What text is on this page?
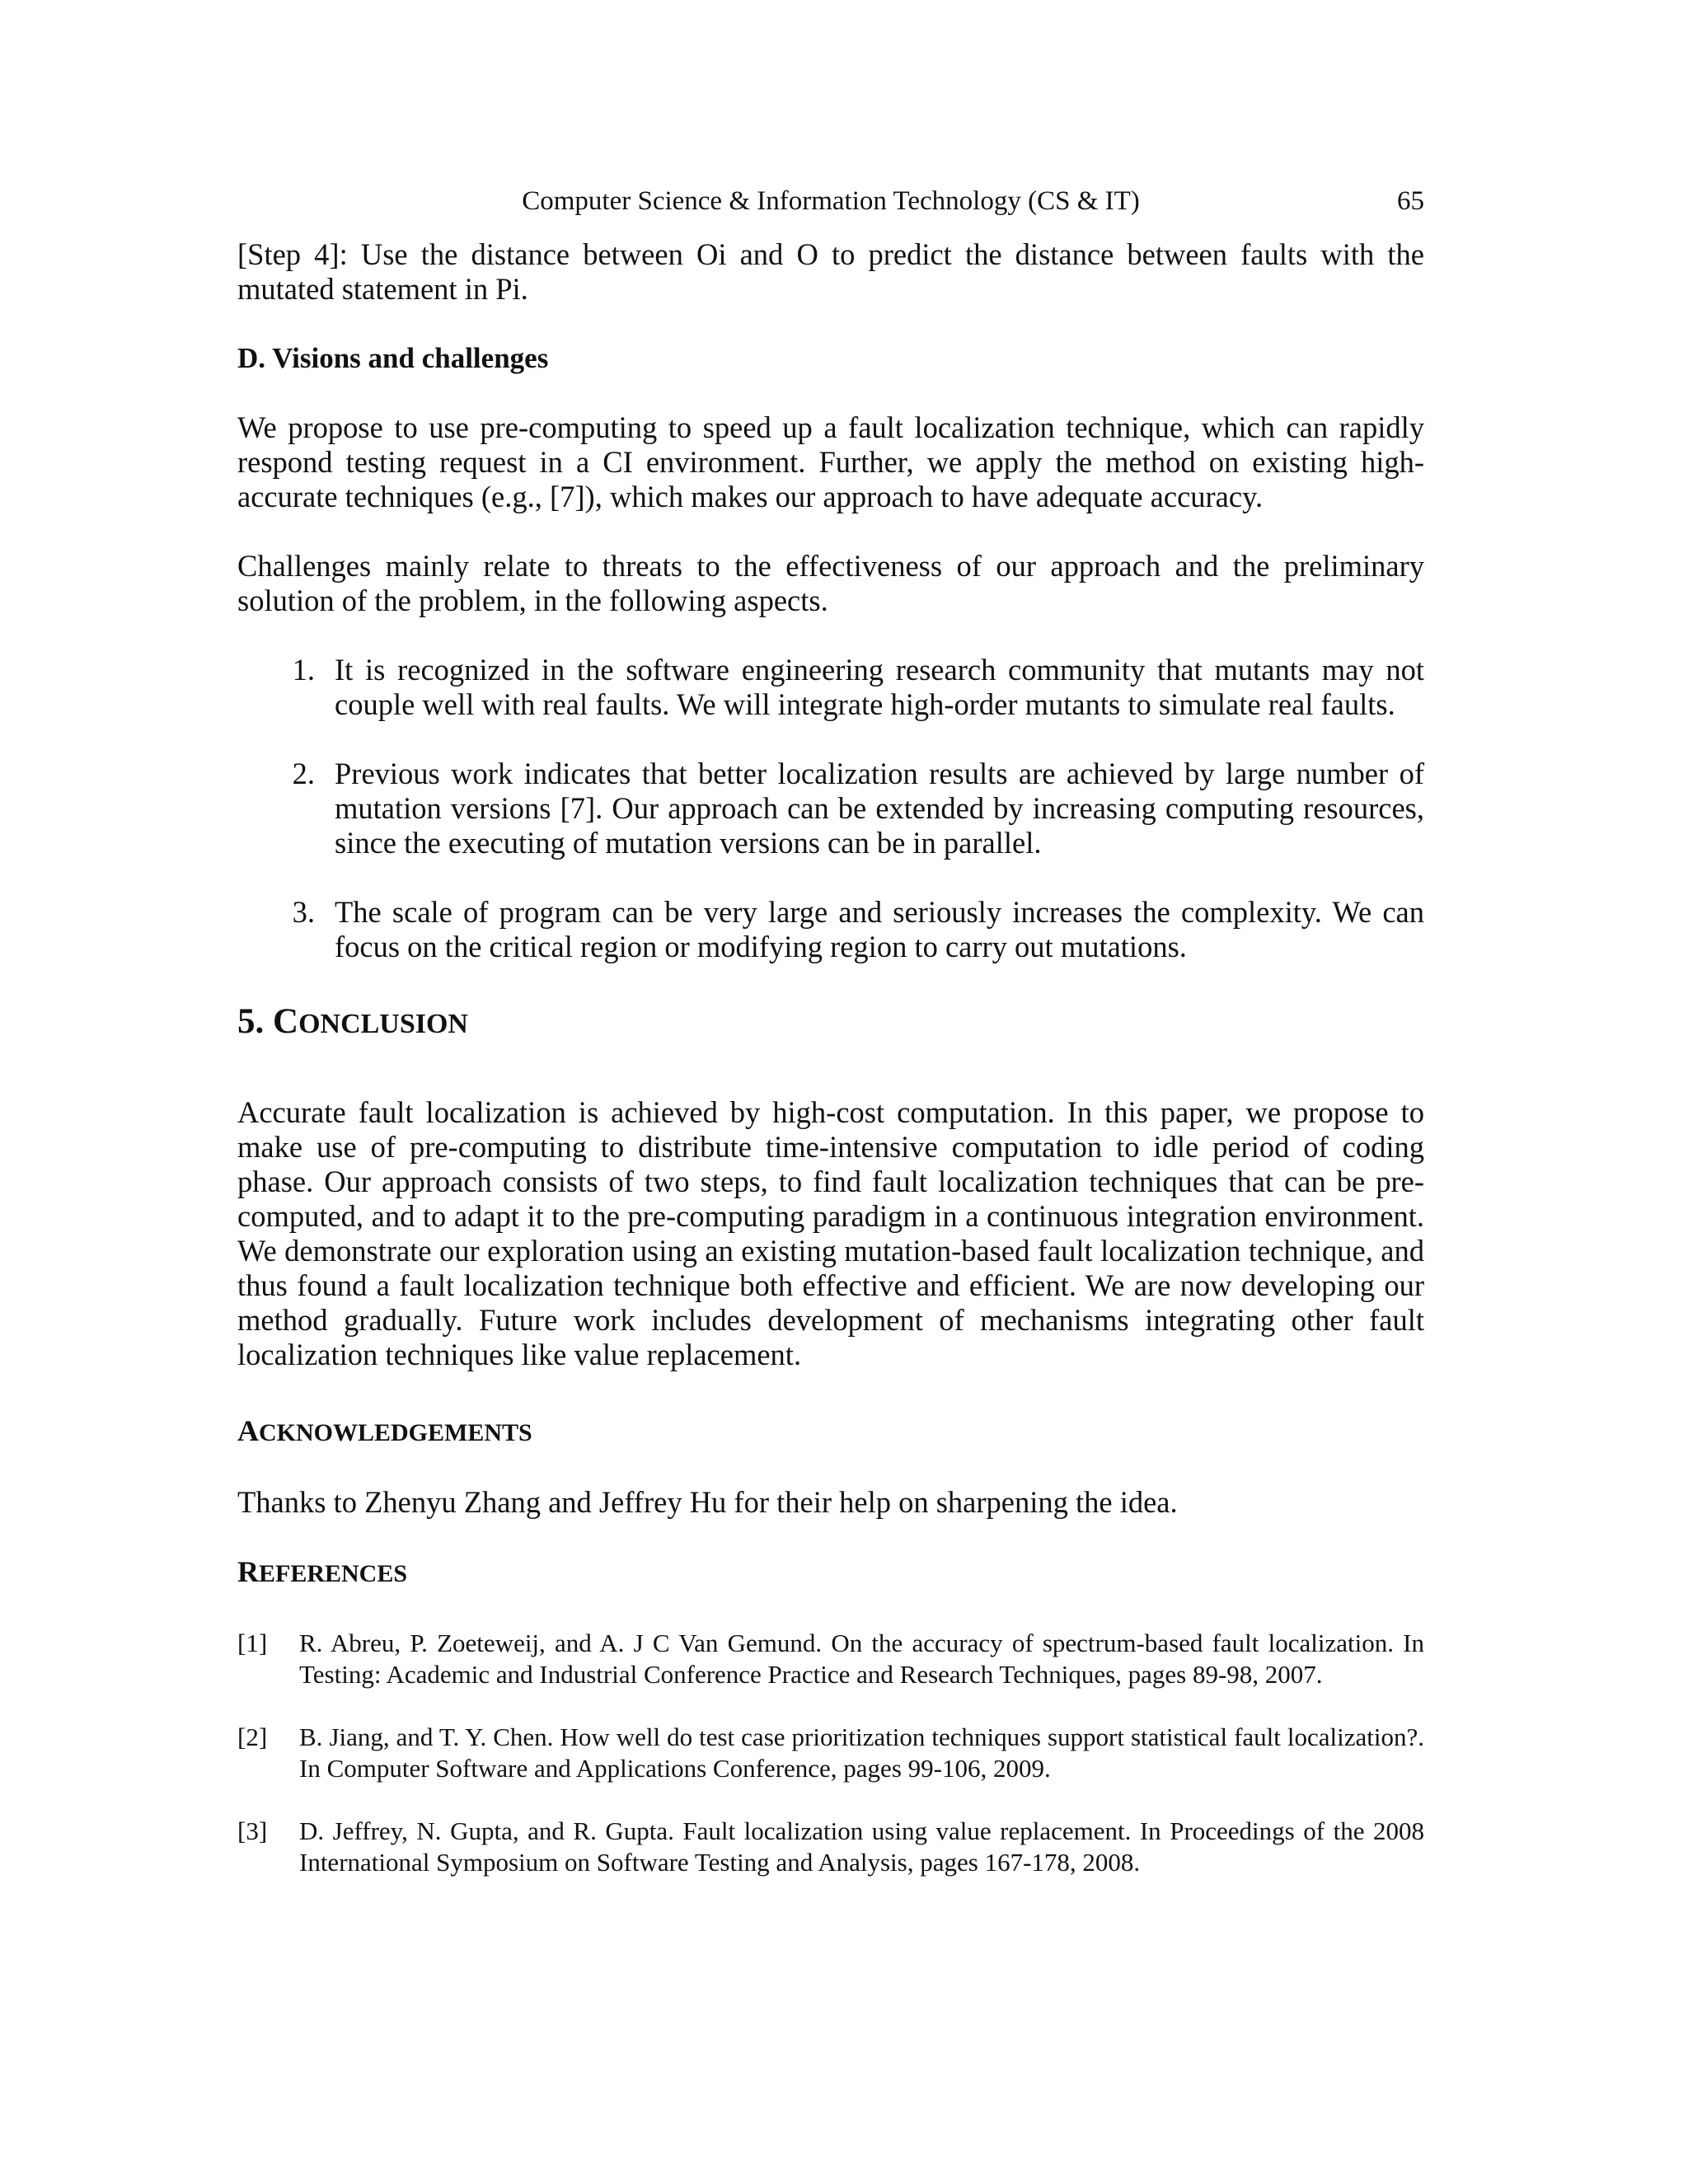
Computer Science & Information Technology (CS & IT)	65

[Step 4]: Use the distance between Oi and O to predict the distance between faults with the mutated statement in Pi.

D. Visions and challenges

We propose to use pre-computing to speed up a fault localization technique, which can rapidly respond testing request in a CI environment. Further, we apply the method on existing high-accurate techniques (e.g., [7]), which makes our approach to have adequate accuracy.

Challenges mainly relate to threats to the effectiveness of our approach and the preliminary solution of the problem, in the following aspects.

1. It is recognized in the software engineering research community that mutants may not couple well with real faults. We will integrate high-order mutants to simulate real faults.
2. Previous work indicates that better localization results are achieved by large number of mutation versions [7]. Our approach can be extended by increasing computing resources, since the executing of mutation versions can be in parallel.
3. The scale of program can be very large and seriously increases the complexity. We can focus on the critical region or modifying region to carry out mutations.

5. CONCLUSION

Accurate fault localization is achieved by high-cost computation. In this paper, we propose to make use of pre-computing to distribute time-intensive computation to idle period of coding phase. Our approach consists of two steps, to find fault localization techniques that can be pre-computed, and to adapt it to the pre-computing paradigm in a continuous integration environment. We demonstrate our exploration using an existing mutation-based fault localization technique, and thus found a fault localization technique both effective and efficient. We are now developing our method gradually. Future work includes development of mechanisms integrating other fault localization techniques like value replacement.

ACKNOWLEDGEMENTS

Thanks to Zhenyu Zhang and Jeffrey Hu for their help on sharpening the idea.

REFERENCES

[1]	R. Abreu, P. Zoeteweij, and A. J C Van Gemund. On the accuracy of spectrum-based fault localization. In Testing: Academic and Industrial Conference Practice and Research Techniques, pages 89-98, 2007.
[2]	B. Jiang, and T. Y. Chen. How well do test case prioritization techniques support statistical fault localization?. In Computer Software and Applications Conference, pages 99-106, 2009.
[3]	D. Jeffrey, N. Gupta, and R. Gupta. Fault localization using value replacement. In Proceedings of the 2008 International Symposium on Software Testing and Analysis, pages 167-178, 2008.
